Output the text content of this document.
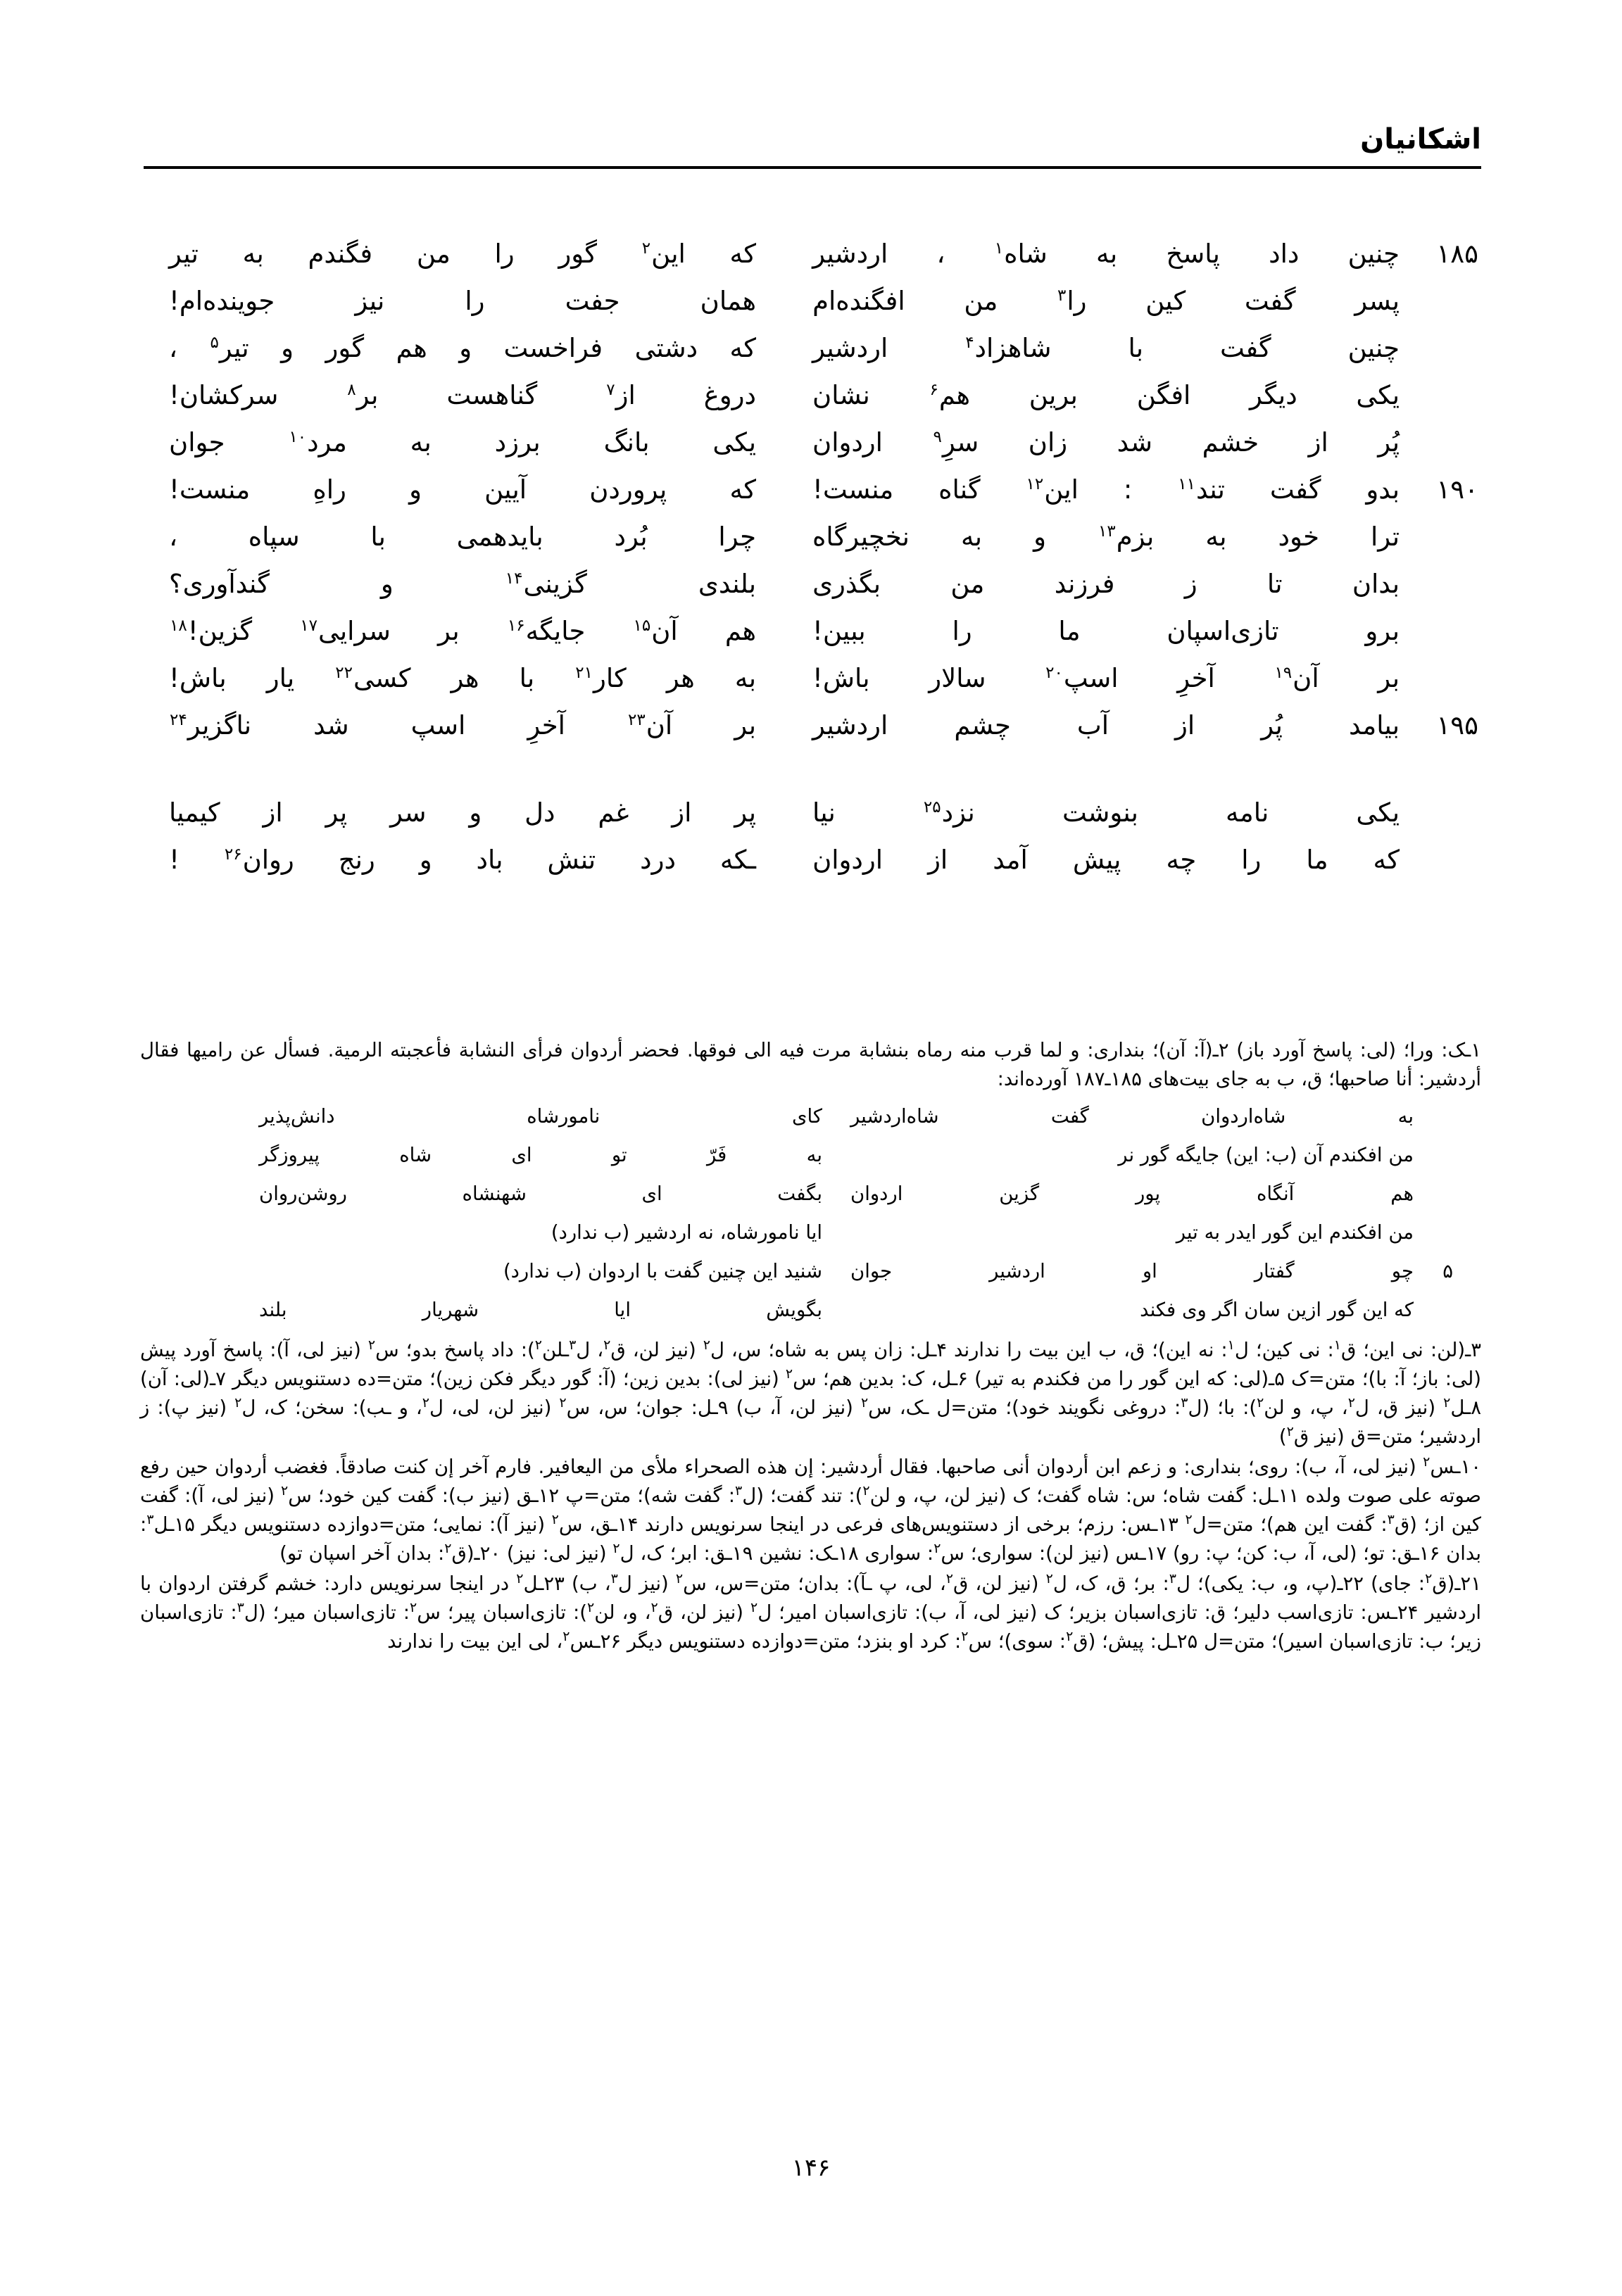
اشکانیان
۱۸۵
چنین
داد
پاسخ
به
شاه$^۱$
،
اردشیر
که
این$^۲$
گور
را
من
فگندم
به
تیر
پسر
گفت
کین
را$^۳$
من
افگنده‌ام
همان
جفت
را
نیز
جوینده‌ام!
چنین
گفت
با
شاهزاد$^۴$
اردشیر
که
دشتی
فراخست
و
هم
گور
و
تیر$^۵$
،
یکی
دیگر
افگن
برین
هم$^۶$
نشان
دروغ
از$^۷$
گناهست
بر$^۸$
سرکشان!
پُر
از
خشم
شد
زان
سرِ$^۹$
اردوان
یکی
بانگ
برزد
به
مرد$^{۱۰}$
جوان
۱۹۰
بدو
گفت
تند$^{۱۱}$
:
این$^{۱۲}$
گناه
منست!
که
پروردن
آیین
و
راهِ
منست!
ترا
خود
به
بزم$^{۱۳}$
و
به
نخچیرگاه
چرا
بُرد
بایدهمی
با
سپاه
،
بدان
تا
ز
فرزند
من
بگذری
بلندی
گزینی$^{۱۴}$
و
گندآوری؟
برو
تازی‌اسپان
ما
را
ببین!
هم
آن$^{۱۵}$
جایگه$^{۱۶}$
بر
سرایی$^{۱۷}$
گزین!$^{۱۸}$
بر
آن$^{۱۹}$
آخرِ
اسپ$^{۲۰}$
سالار
باش!
به
هر
کار$^{۲۱}$
با
هر
کسی$^{۲۲}$
یار
باش!
۱۹۵
بیامد
پُر
از
آب
چشم
اردشیر
بر
آن$^{۲۳}$
آخرِ
اسپ
شد
ناگزیر$^{۲۴}$
یکی
نامه
بنوشت
نزد$^{۲۵}$
نیا
پر
از
غم
دل
و
سر
پر
از
کیمیا
که
ما
را
چه
پیش
آمد
از
اردوان
ـکه
درد
تنش
باد
و
رنج
روان$^{۲۶}$
!
۱ـک: ورا؛ (لی: پاسخ آورد باز) ۲ـ(آ: آن)؛ بنداری: و لما قرب منه رماه بنشابة مرت فیه الی فوقها. فحضر أردوان فرأی النشابة فأعجبته الرمیة. فسأل عن رامیها فقال أردشیر: أنا صاحبها؛ ق، ب به جای بیت‌های ۱۸۵ـ۱۸۷ آورده‌اند:
به
شاه‌اردوان
گفت
شاه‌اردشیر
کای
نامورشاه
دانش‌پذیر
من

افکندم

آن

(ب: این)

جایگه

گور

نر

به
فَرّ
تو
ای
شاه
پیروزگر
هم
آنگاه
پور
گزین
اردوان
بگفت
ای
شهنشاه
روشن‌روان
من

افکندم

این

گور

ایدر

به

تیر

ایا

نامورشاه،

نه

اردشیر

(ب

ندارد)

۵
چو
گفتار
او
اردشیر
جوان
شنید

این

چنین

گفت

با

اردوان

(ب

ندارد)

که

این

گور

ازین

سان

اگر

وی

فکند

بگویش
ایا
شهریار
بلند
۳ـ(لن: نی این؛ ق$^۱$: نی کین؛ ل$^۱$: نه این)؛ ق، ب این بیت را ندارند ۴ـل: زان پس به شاه؛ س، ل$^۲$ (نیز لن، ق$^۲$، ل$^۳$ـلن$^۲$): داد پاسخ بدو؛ س$^۲$ (نیز لی، آ): پاسخ آورد پیش (لی: باز؛ آ: با)؛ متن=ک ۵ـ(لی: که این گور را من فکندم به تیر) ۶ـل، ک: بدین هم؛ س$^۲$ (نیز لی): بدین زین؛ (آ: گور دیگر فکن زین)؛ متن=ده دستنویس دیگر ۷ـ(لی: آن) ۸ـل$^۲$ (نیز ق، ل$^۲$، پ، و لن$^۲$): با؛ (ل$^۳$: دروغی نگویند خود)؛ متن=ل ـک، س$^۲$ (نیز لن، آ، ب) ۹ـل: جوان؛ س، س$^۲$ (نیز لن، لی، ل$^۲$، و ـب): سخن؛ ک، ل$^۲$ (نیز پ): ز اردشیر؛ متن=ق (نیز ق$^۲$)
۱۰ـس$^۲$ (نیز لی، آ، ب): روی؛ بنداری: و زعم ابن أردوان أنی صاحبها. فقال أردشیر: إن هذه الصحراء ملأی من الیعافیر. فارم آخر إن کنت صادقاً. فغضب أردوان حین رفع صوته علی صوت ولده ۱۱ـل: گفت شاه؛ س: شاه گفت؛ ک (نیز لن، پ، و لن$^۲$): تند گفت؛ (ل$^۳$: گفت شه)؛ متن=پ ۱۲ـق (نیز ب): گفت کین خود؛ س$^۲$ (نیز لی، آ): گفت کین از؛ (ق$^۳$: گفت این هم)؛ متن=ل$^۲$ ۱۳ـس: رزم؛ برخی از دستنویس‌های فرعی در اینجا سرنویس دارند ۱۴ـق، س$^۲$ (نیز آ): نمایی؛ متن=دوازده دستنویس دیگر ۱۵ـل$^۳$: بدان ۱۶ـق: تو؛ (لی، آ، ب: کن؛ پ: رو) ۱۷ـس (نیز لن): سواری؛ س$^۲$: سواری ۱۸ـک: نشین ۱۹ـق: ابر؛ ک، ل$^۲$ (نیز لی: نیز) ۲۰ـ(ق$^۲$: بدان آخر اسپان تو)
۲۱ـ(ق$^۲$: جای) ۲۲ـ(پ، و، ب: یکی)؛ ل$^۳$: بر؛ ق، ک، ل$^۲$ (نیز لن، ق$^۲$، لی، پ ـآ): بدان؛ متن=س، س$^۲$ (نیز ل$^۳$، ب) ۲۳ـل$^۲$ در اینجا سرنویس دارد: خشم گرفتن اردوان با اردشیر ۲۴ـس: تازی‌اسب دلیر؛ ق: تازی‌اسبان بزیر؛ ک (نیز لی، آ، ب): تازی‌اسبان امیر؛ ل$^۲$ (نیز لن، ق$^۲$، و، لن$^۲$): تازی‌اسبان پیر؛ س$^۲$: تازی‌اسبان میر؛ (ل$^۳$: تازی‌اسبان زیر؛ ب: تازی‌اسبان اسیر)؛ متن=ل ۲۵ـل: پیش؛ (ق$^۲$: سوی)؛ س$^۲$: کرد او بنزد؛ متن=دوازده دستنویس دیگر ۲۶ـس$^۲$، لی این بیت را ندارند
۱۴۶
